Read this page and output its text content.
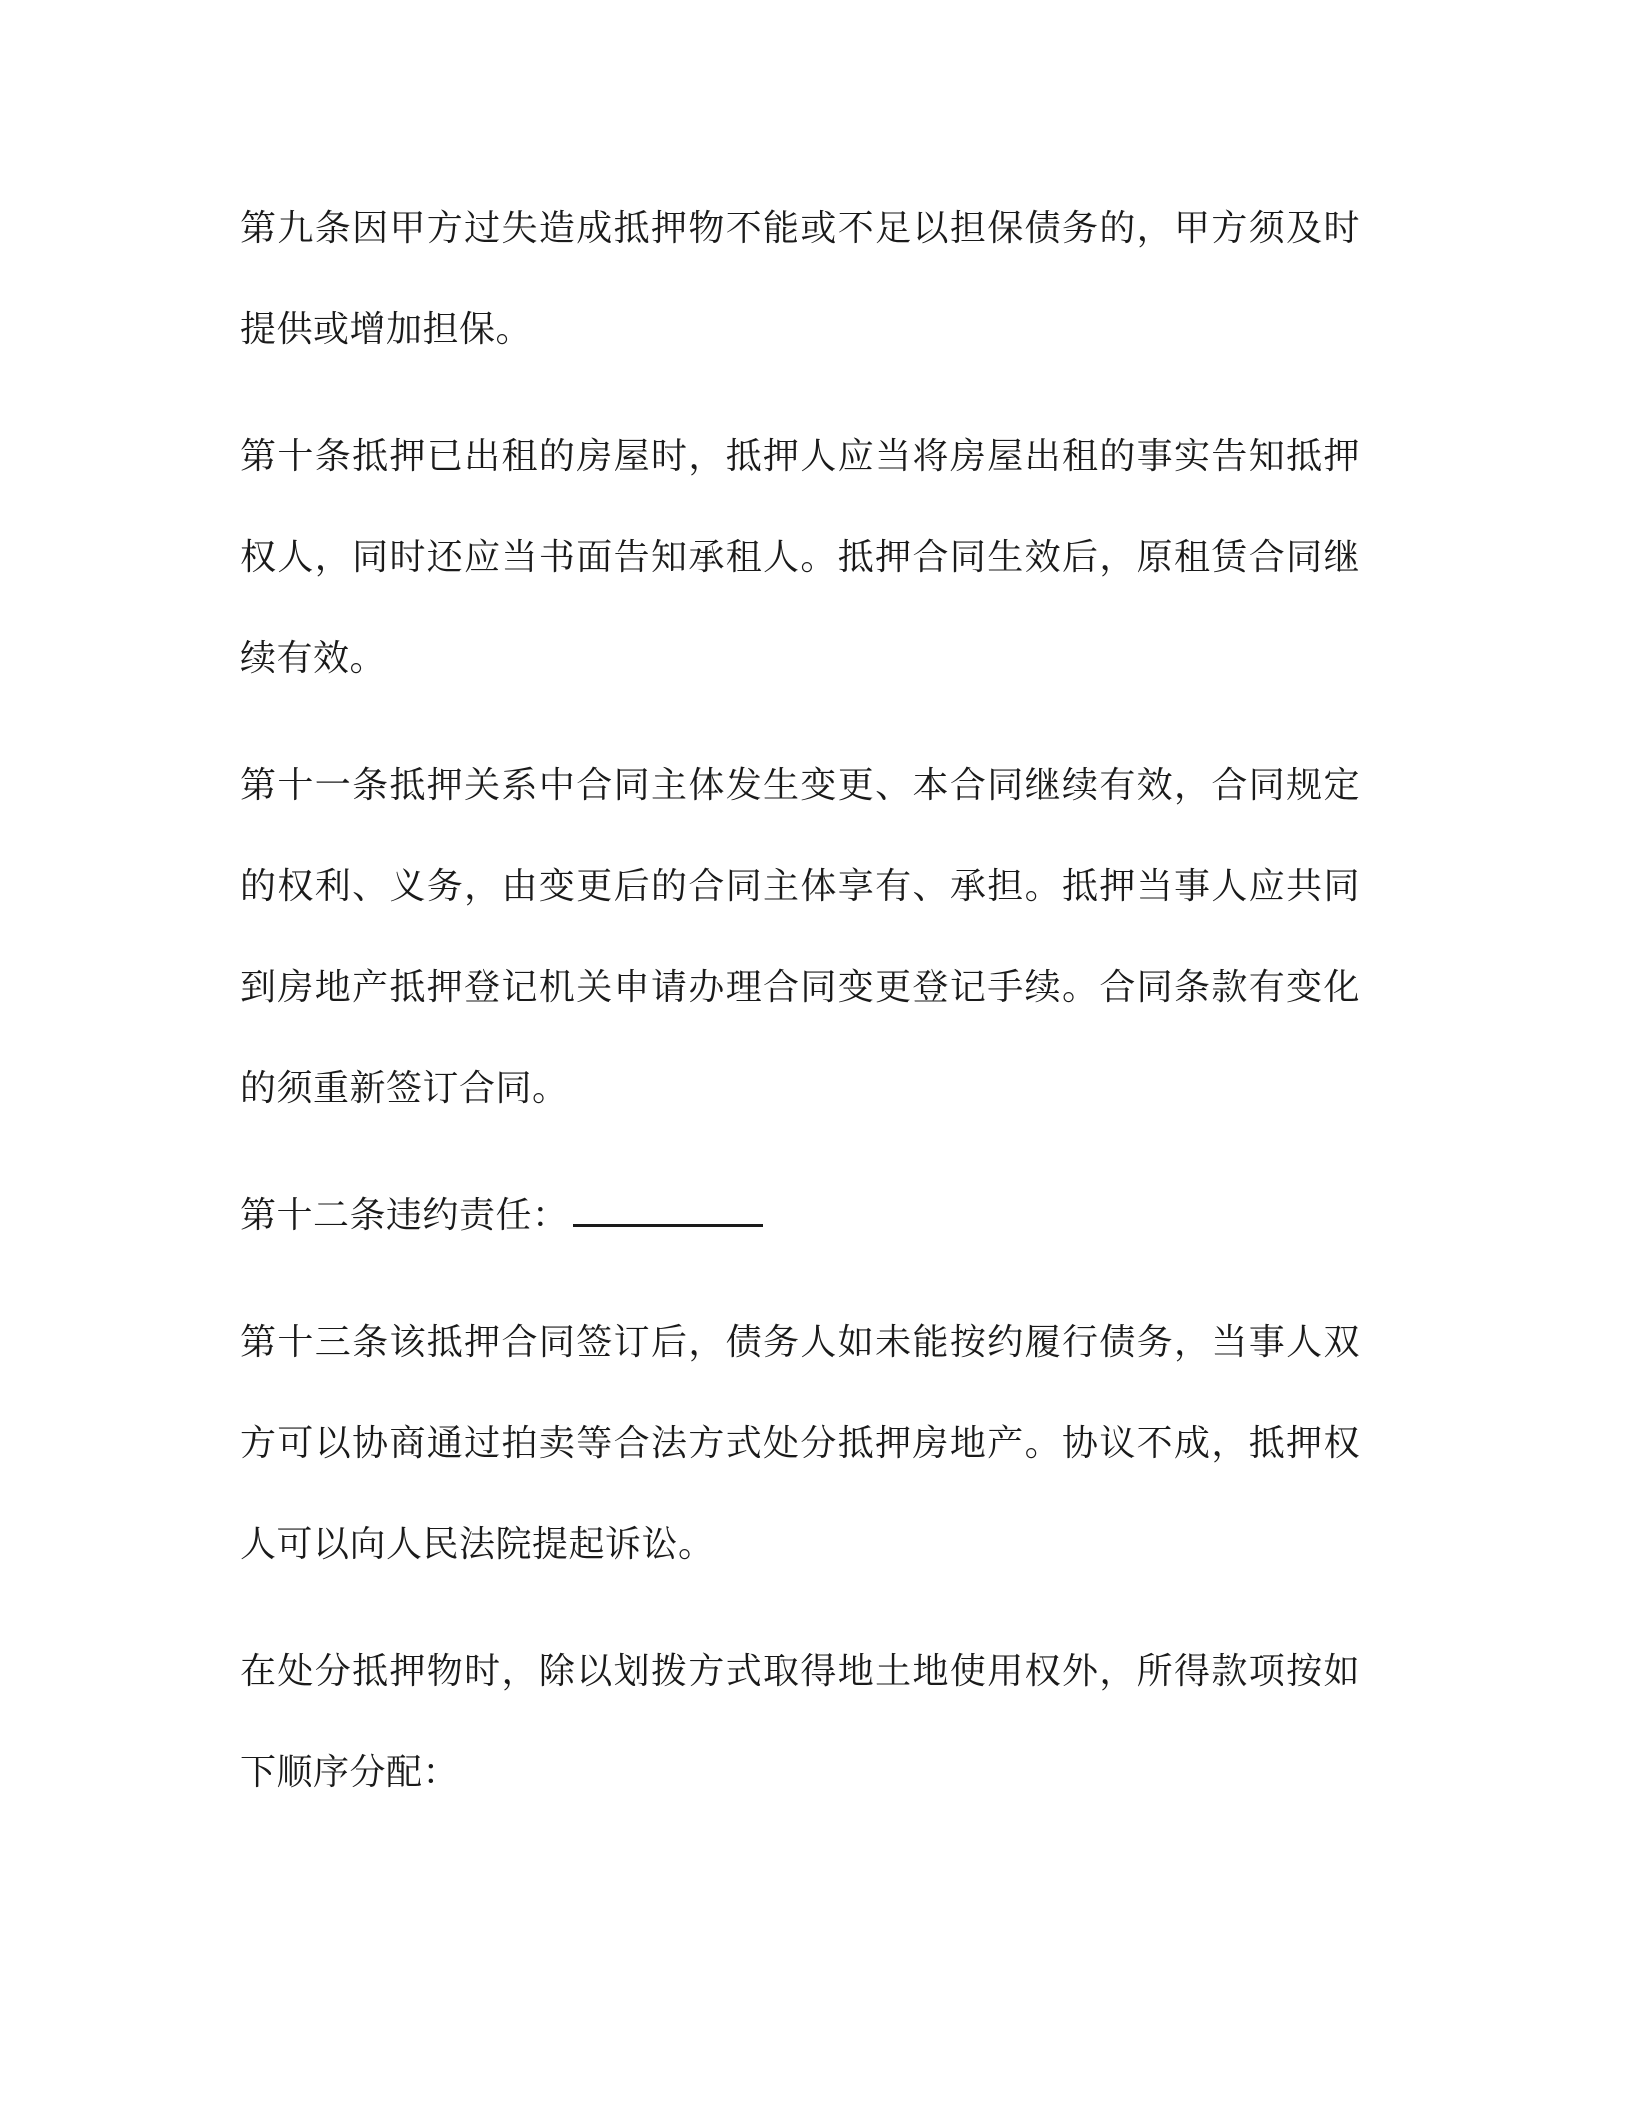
第九条因甲方过失造成抵押物不能或不足以担保债务的，甲方须及时提供或增加担保。

第十条抵押已出租的房屋时，抵押人应当将房屋出租的事实告知抵押权人，同时还应当书面告知承租人。抵押合同生效后，原租赁合同继续有效。

第十一条抵押关系中合同主体发生变更、本合同继续有效，合同规定的权利、义务，由变更后的合同主体享有、承担。抵押当事人应共同到房地产抵押登记机关申请办理合同变更登记手续。合同条款有变化的须重新签订合同。

第十二条违约责任：

第十三条该抵押合同签订后，债务人如未能按约履行债务，当事人双方可以协商通过拍卖等合法方式处分抵押房地产。协议不成，抵押权人可以向人民法院提起诉讼。

在处分抵押物时，除以划拨方式取得地土地使用权外，所得款项按如下顺序分配：
